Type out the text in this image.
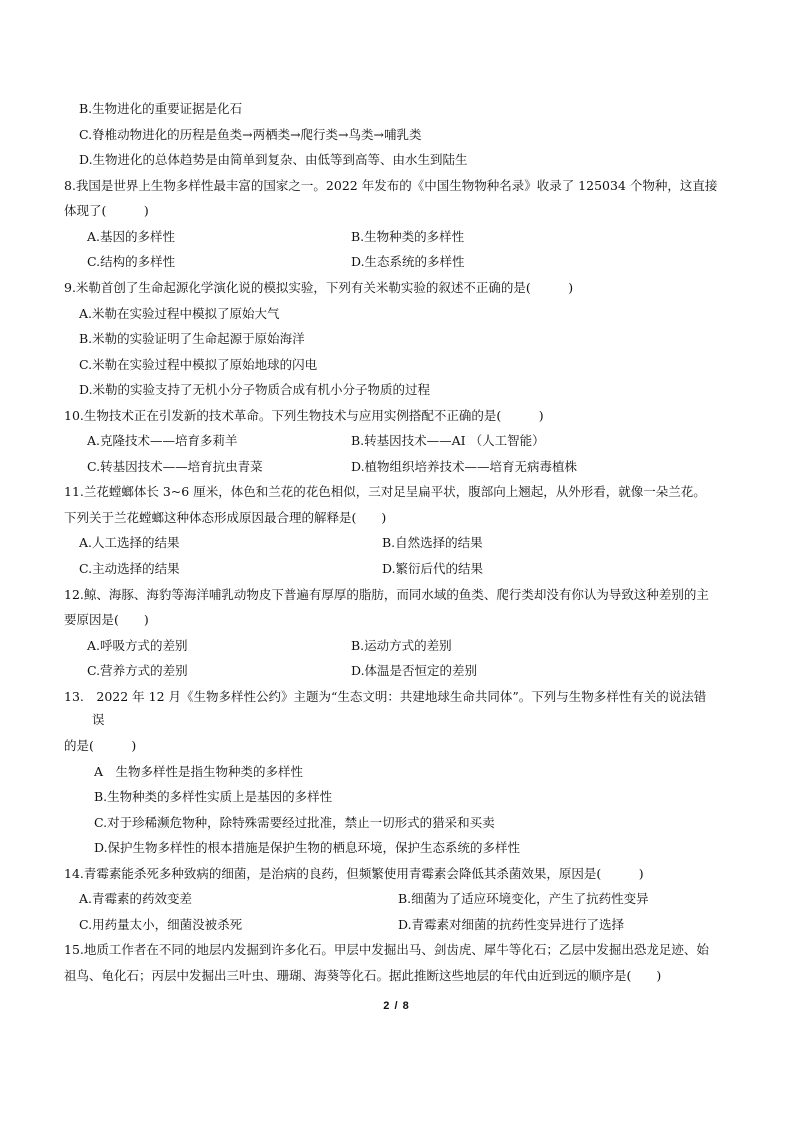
B.生物进化的重要证据是化石
C.脊椎动物进化的历程是鱼类→两栖类→爬行类→鸟类→哺乳类
D.生物进化的总体趋势是由简单到复杂、由低等到高等、由水生到陆生
8.我国是世界上生物多样性最丰富的国家之一。2022 年发布的《中国生物物种名录》收录了 125034 个物种，这直接
体现了(　　　)
A.基因的多样性	B.生物种类的多样性
C.结构的多样性	D.生态系统的多样性
9.米勒首创了生命起源化学演化说的模拟实验，下列有关米勒实验的叙述不正确的是(　　　)
A.米勒在实验过程中模拟了原始大气
B.米勒的实验证明了生命起源于原始海洋
C.米勒在实验过程中模拟了原始地球的闪电
D.米勒的实验支持了无机小分子物质合成有机小分子物质的过程
10.生物技术正在引发新的技术革命。下列生物技术与应用实例搭配不正确的是(　　　)
A.克隆技术——培育多莉羊	B.转基因技术——AI （人工智能）
C.转基因技术——培育抗虫青菜	D.植物组织培养技术——培育无病毒植株
11.兰花螳螂体长 3~6 厘米，体色和兰花的花色相似，三对足呈扁平状，腹部向上翘起，从外形看，就像一朵兰花。
下列关于兰花螳螂这种体态形成原因最合理的解释是(　　)
A.人工选择的结果	B.自然选择的结果
C.主动选择的结果	D.繁衍后代的结果
12.鲸、海豚、海豹等海洋哺乳动物皮下普遍有厚厚的脂肪，而同水域的鱼类、爬行类却没有你认为导致这种差别的主
要原因是(　　)
A.呼吸方式的差别	B.运动方式的差别
C.营养方式的差别	D.体温是否恒定的差别
13.　2022 年 12 月《生物多样性公约》主题为“生态文明：共建地球生命共同体”。下列与生物多样性有关的说法错
误
的是(　　　)
A　生物多样性是指生物种类的多样性
B.生物种类的多样性实质上是基因的多样性
C.对于珍稀濒危物种，除特殊需要经过批准，禁止一切形式的猎采和买卖
D.保护生物多样性的根本措施是保护生物的栖息环境，保护生态系统的多样性
14.青霉素能杀死多种致病的细菌，是治病的良药，但频繁使用青霉素会降低其杀菌效果，原因是(　　　)
A.青霉素的药效变差	B.细菌为了适应环境变化，产生了抗药性变异
C.用药量太小，细菌没被杀死	D.青霉素对细菌的抗药性变异进行了选择
15.地质工作者在不同的地层内发掘到许多化石。甲层中发掘出马、剑齿虎、犀牛等化石；乙层中发掘出恐龙足迹、始
祖鸟、龟化石；丙层中发掘出三叶虫、珊瑚、海葵等化石。据此推断这些地层的年代由近到远的顺序是(　　)
2 / 8
